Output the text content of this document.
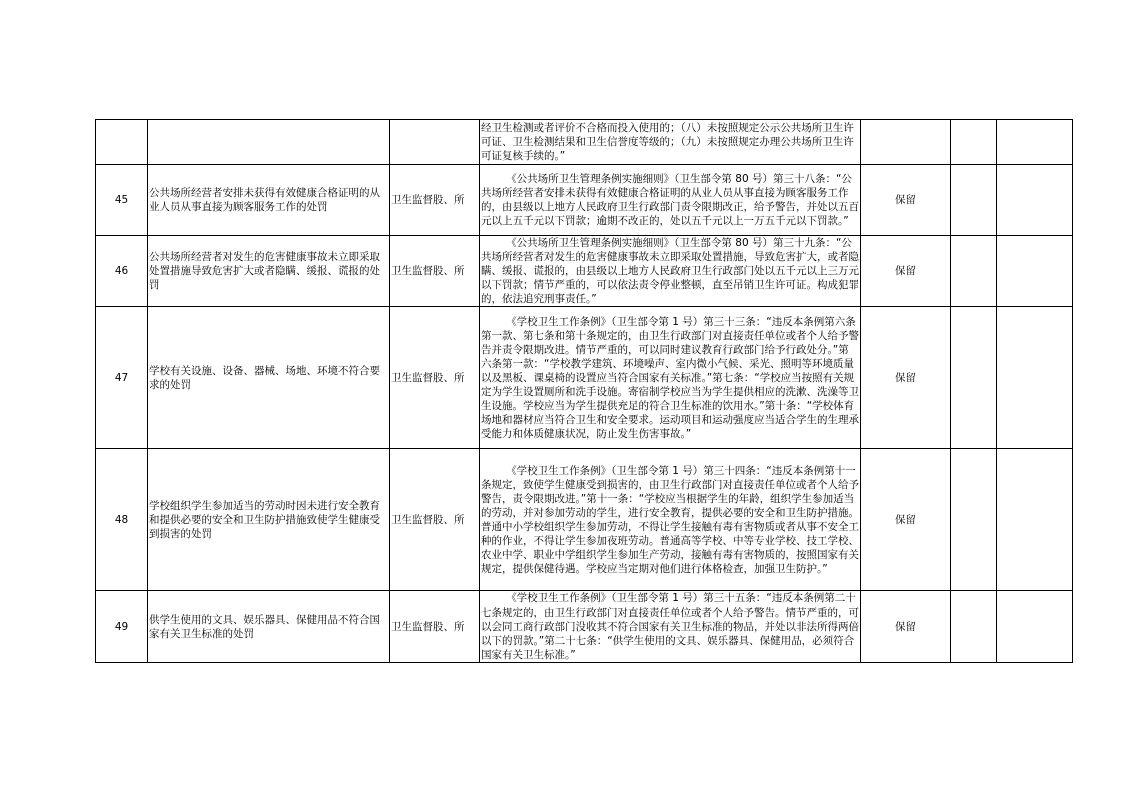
			经卫生检测或者评价不合格而投入使用的；（八）未按照规定公示公共场所卫生许可证、卫生检测结果和卫生信誉度等级的；（九）未按照规定办理公共场所卫生许可证复核手续的。”			

45	公共场所经营者安排未获得有效健康合格证明的从业人员从事直接为顾客服务工作的处罚	卫生监督股、所	《公共场所卫生管理条例实施细则》（卫生部令第 80 号）第三十八条：“公共场所经营者安排未获得有效健康合格证明的从业人员从事直接为顾客服务工作的，由县级以上地方人民政府卫生行政部门责令限期改正，给予警告，并处以五百元以上五千元以下罚款；逾期不改正的，处以五千元以上一万五千元以下罚款。”	保留		
46	公共场所经营者对发生的危害健康事故未立即采取处置措施导致危害扩大或者隐瞒、缓报、谎报的处罚	卫生监督股、所	《公共场所卫生管理条例实施细则》（卫生部令第 80 号）第三十九条：“公共场所经营者对发生的危害健康事故未立即采取处置措施，导致危害扩大，或者隐瞒、缓报、谎报的，由县级以上地方人民政府卫生行政部门处以五千元以上三万元以下罚款；情节严重的，可以依法责令停业整顿，直至吊销卫生许可证。构成犯罪的，依法追究刑事责任。”	保留		
47	学校有关设施、设备、器械、场地、环境不符合要求的处罚	卫生监督股、所	《学校卫生工作条例》（卫生部令第 1 号）第三十三条：“违反本条例第六条第一款、第七条和第十条规定的，由卫生行政部门对直接责任单位或者个人给予警告并责令限期改进。情节严重的，可以同时建议教育行政部门给予行政处分。”第六条第一款：“学校教学建筑、环境噪声、室内微小气候、采光、照明等环境质量以及黑板、课桌椅的设置应当符合国家有关标准。”第七条：“学校应当按照有关规定为学生设置厕所和洗手设施。寄宿制学校应当为学生提供相应的洗漱、洗澡等卫生设施。学校应当为学生提供充足的符合卫生标准的饮用水。”第十条：“学校体育场地和器材应当符合卫生和安全要求。运动项目和运动强度应当适合学生的生理承受能力和体质健康状况，防止发生伤害事故。”	保留		
48	学校组织学生参加适当的劳动时因未进行安全教育和提供必要的安全和卫生防护措施致使学生健康受到损害的处罚	卫生监督股、所	《学校卫生工作条例》（卫生部令第 1 号）第三十四条：“违反本条例第十一条规定，致使学生健康受到损害的，由卫生行政部门对直接责任单位或者个人给予警告，责令限期改进。”第十一条：“学校应当根据学生的年龄，组织学生参加适当的劳动，并对参加劳动的学生，进行安全教育，提供必要的安全和卫生防护措施。普通中小学校组织学生参加劳动，不得让学生接触有毒有害物质或者从事不安全工种的作业，不得让学生参加夜班劳动。普通高等学校、中等专业学校、技工学校、农业中学、职业中学组织学生参加生产劳动，接触有毒有害物质的，按照国家有关规定，提供保健待遇。学校应当定期对他们进行体格检查，加强卫生防护。”	保留		
49	供学生使用的文具、娱乐器具、保健用品不符合国家有关卫生标准的处罚	卫生监督股、所	《学校卫生工作条例》（卫生部令第 1 号）第三十五条：“违反本条例第二十七条规定的，由卫生行政部门对直接责任单位或者个人给予警告。情节严重的，可以会同工商行政部门没收其不符合国家有关卫生标准的物品，并处以非法所得两倍以下的罚款。”第二十七条：“供学生使用的文具、娱乐器具、保健用品，必须符合国家有关卫生标准。”	保留		
